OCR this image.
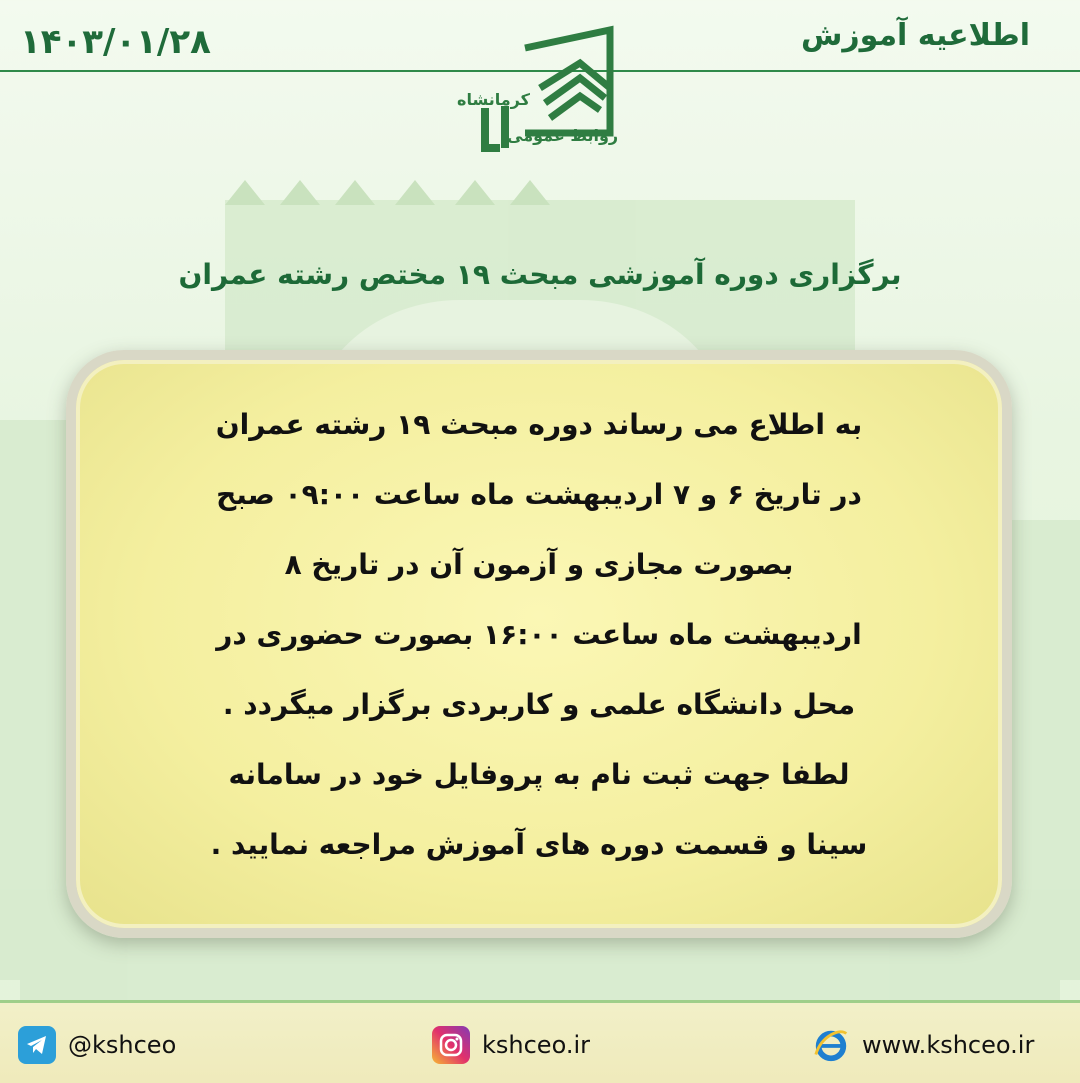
۱۴۰۳/۰۱/۲۸	اطلاعیه آموزش
کرمانشاه
روابط عمومی
برگزاری دوره آموزشی مبحث ۱۹ مختص رشته عمران
به اطلاع می رساند دوره مبحث ۱۹ رشته عمران
در تاریخ ۶ و ۷ اردیبهشت ماه ساعت ۰۹:۰۰ صبح
بصورت مجازی و آزمون آن در تاریخ ۸
اردیبهشت ماه ساعت ۱۶:۰۰ بصورت حضوری در
محل دانشگاه علمی و کاربردی برگزار میگردد .
لطفا جهت ثبت نام به پروفایل خود در سامانه
سینا و قسمت دوره های آموزش مراجعه نمایید .
@kshceo	kshceo.ir	www.kshceo.ir
